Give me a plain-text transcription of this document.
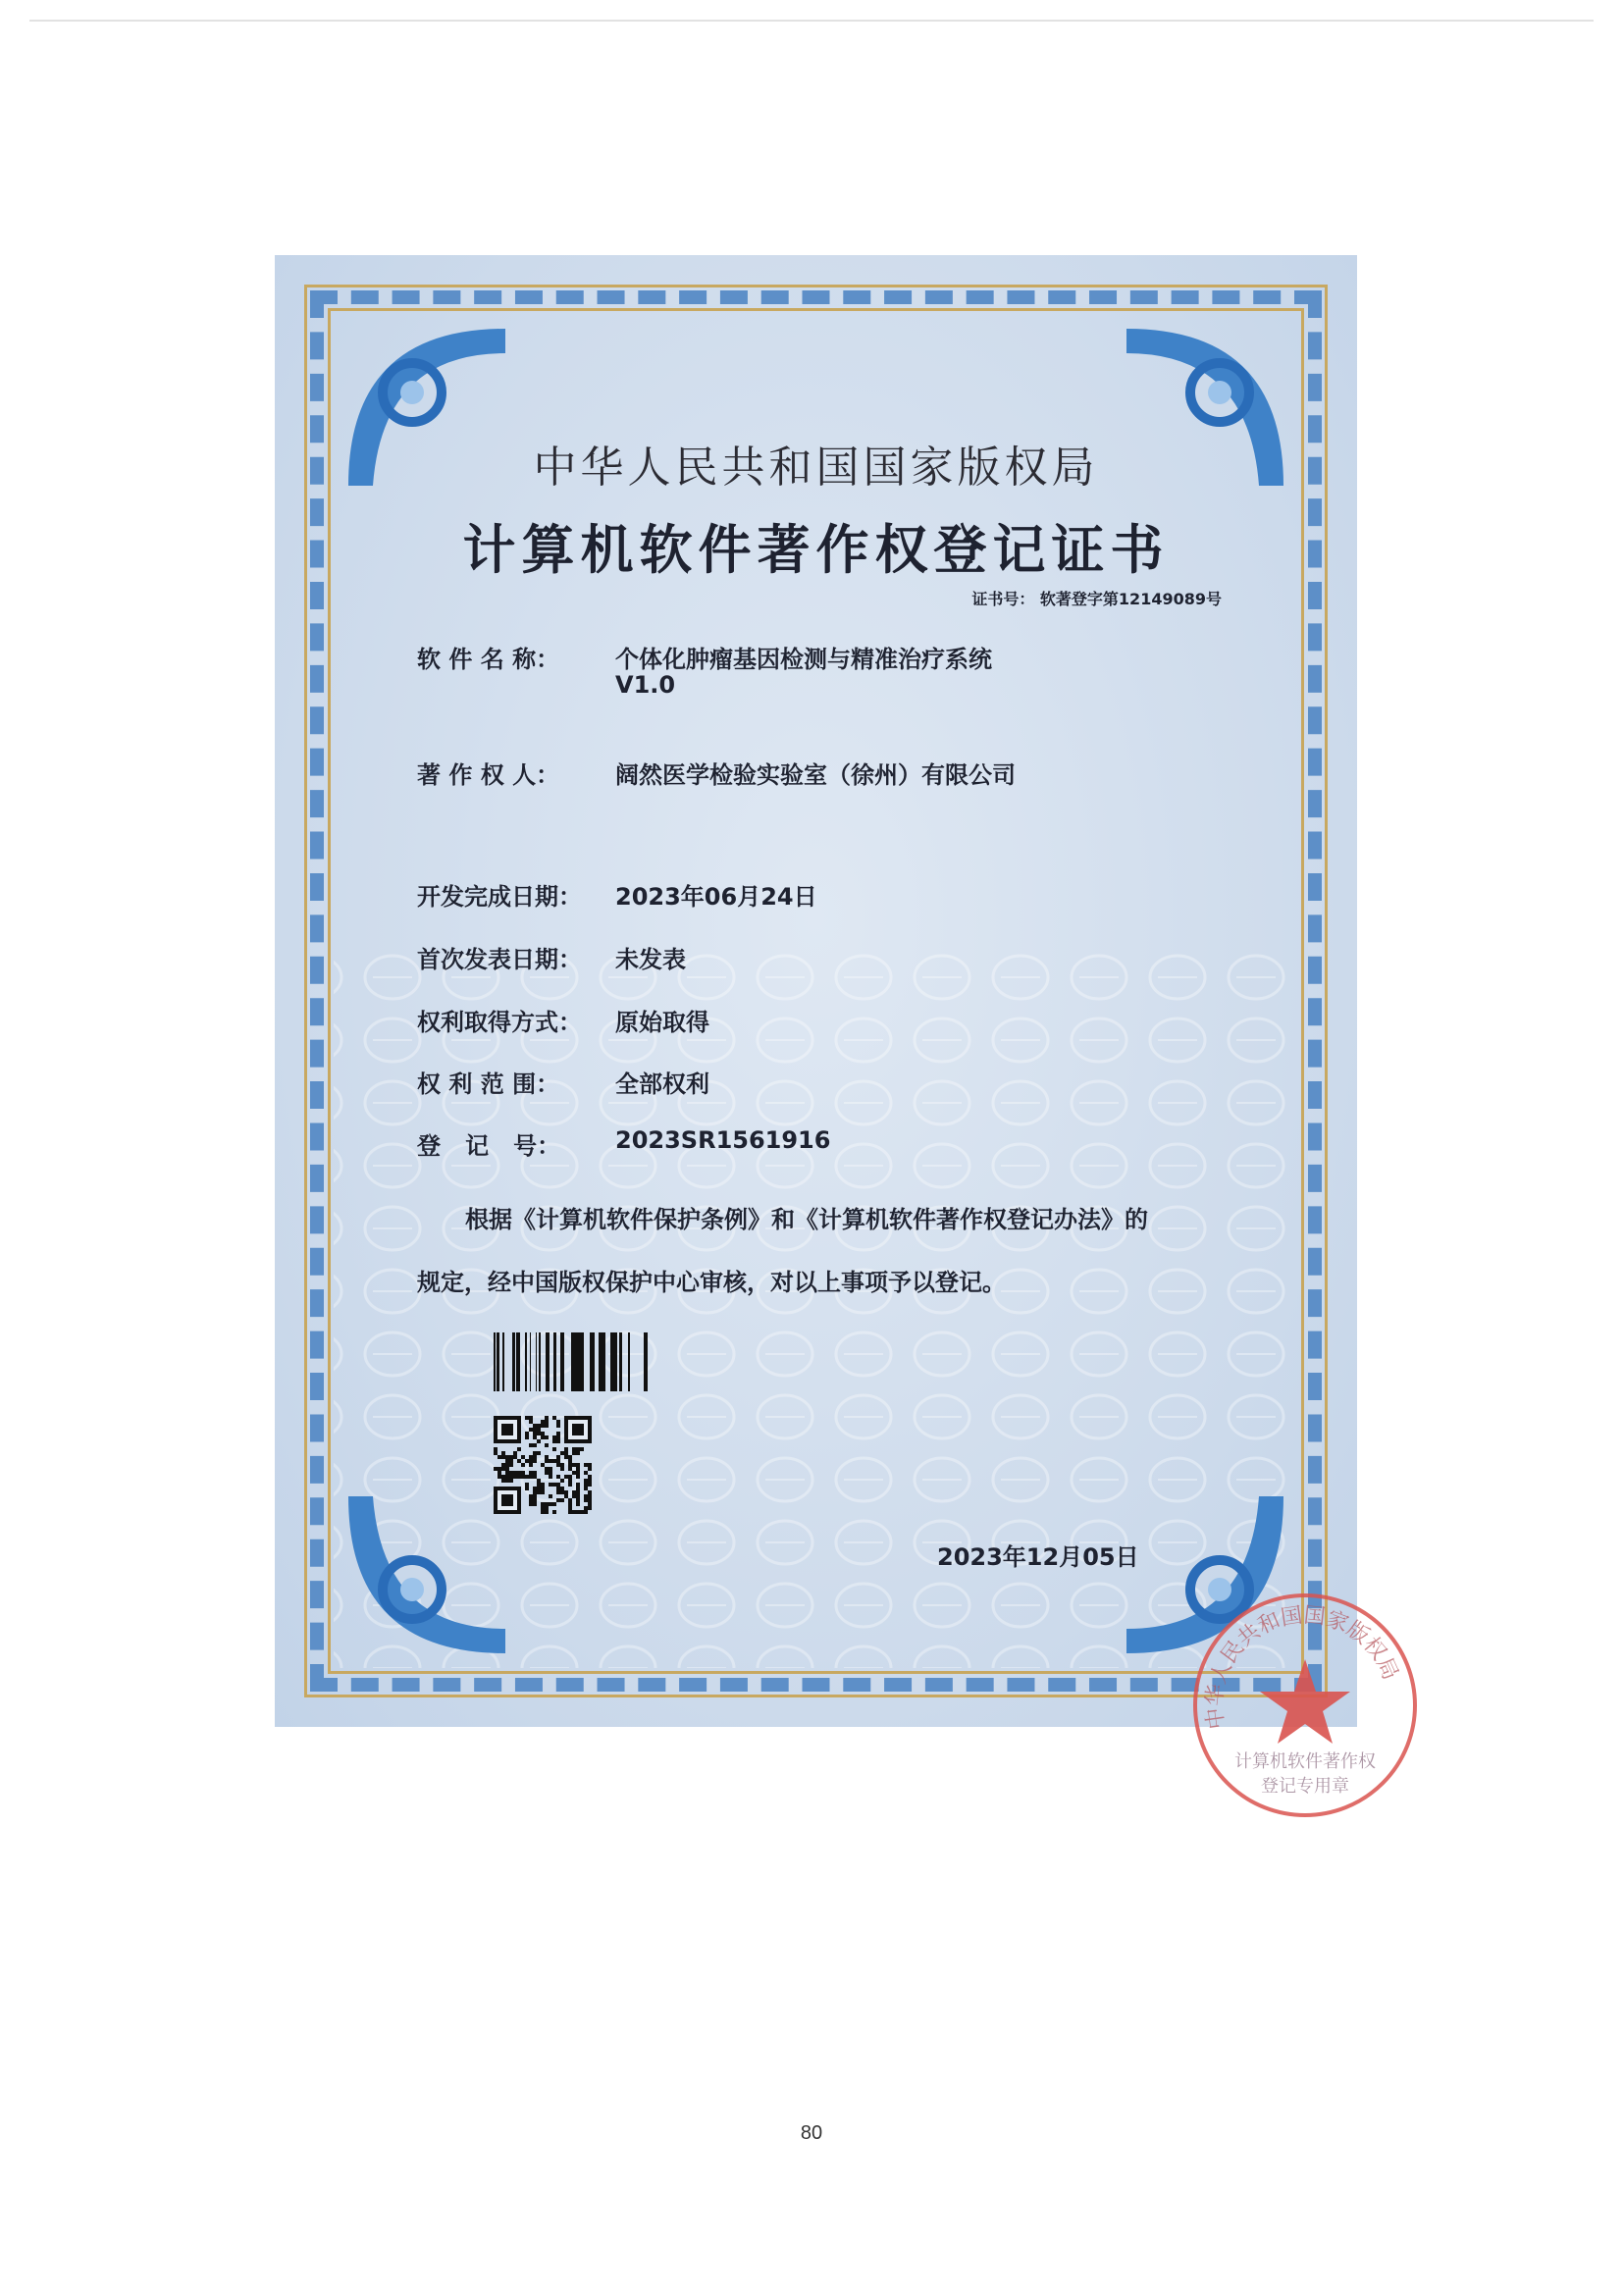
中华人民共和国国家版权局
计算机软件著作权登记证书
证书号： 软著登字第12149089号
软 件 名 称： 个体化肿瘤基因检测与精准治疗系统
V1.0
著 作 权 人： 阔然医学检验实验室（徐州）有限公司
开发完成日期： 2023年06月24日
首次发表日期： 未发表
权利取得方式： 原始取得
权 利 范 围： 全部权利
登   记   号： 2023SR1561916
根据《计算机软件保护条例》和《计算机软件著作权登记办法》的
规定，经中国版权保护中心审核，对以上事项予以登记。
中华人民共和国国家版权局
计算机软件著作权
登记专用章
2023年12月05日
80
